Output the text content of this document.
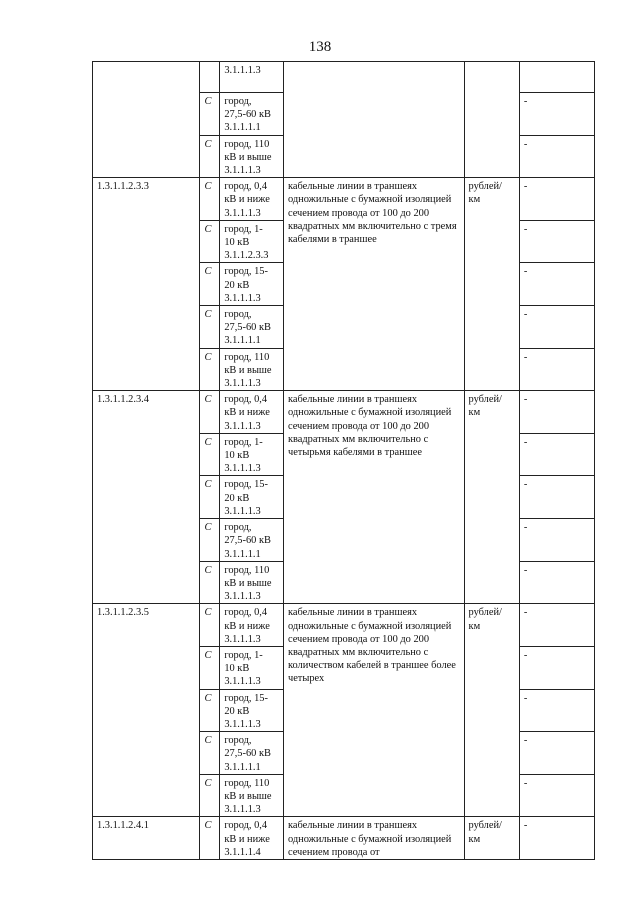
138
		3.1.1.1.3			
	С	город,
27,5-60 кВ
3.1.1.1.1			-
	С	город, 110
кВ и выше
3.1.1.1.3			-
1.3.1.1.2.3.3	С	город, 0,4
кВ и ниже
3.1.1.1.3	кабельные линии в траншеях одножильные с бумажной изоляцией сечением провода от 100 до 200 квадратных мм включительно с тремя кабелями в траншее	рублей/
км	-
	С	город, 1-
10 кВ
3.1.1.2.3.3			-
	С	город, 15-
20 кВ
3.1.1.1.3			-
	С	город,
27,5-60 кВ
3.1.1.1.1			-
	С	город, 110
кВ и выше
3.1.1.1.3			-
1.3.1.1.2.3.4	С	город, 0,4
кВ и ниже
3.1.1.1.3	кабельные линии в траншеях одножильные с бумажной изоляцией сечением провода от 100 до 200 квадратных мм включительно с четырьмя кабелями в траншее	рублей/
км	-
	С	город, 1-
10 кВ
3.1.1.1.3			-
	С	город, 15-
20 кВ
3.1.1.1.3			-
	С	город,
27,5-60 кВ
3.1.1.1.1			-
	С	город, 110
кВ и выше
3.1.1.1.3			-
1.3.1.1.2.3.5	С	город, 0,4
кВ и ниже
3.1.1.1.3	кабельные линии в траншеях одножильные с бумажной изоляцией сечением провода от 100 до 200 квадратных мм включительно с количеством кабелей в траншее более четырех	рублей/
км	-
	С	город, 1-
10 кВ
3.1.1.1.3			-
	С	город, 15-
20 кВ
3.1.1.1.3			-
	С	город,
27,5-60 кВ
3.1.1.1.1			-
	С	город, 110
кВ и выше
3.1.1.1.3			-
1.3.1.1.2.4.1	С	город, 0,4
кВ и ниже
3.1.1.1.4	кабельные линии в траншеях одножильные с бумажной изоляцией сечением провода от	рублей/
км	-
